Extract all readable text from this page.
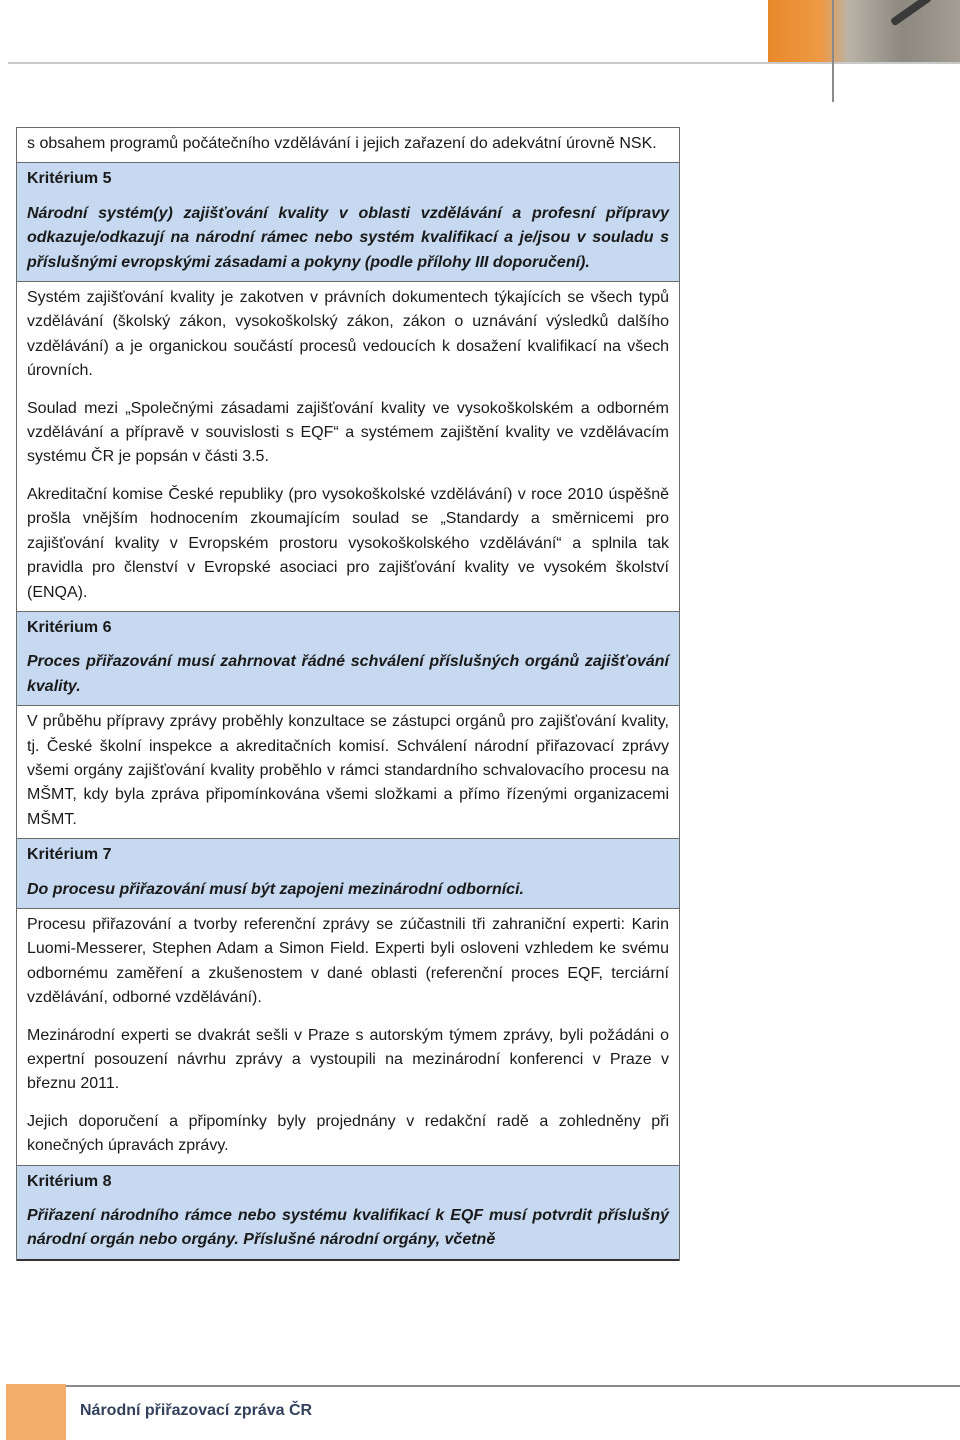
s obsahem programů počátečního vzdělávání i jejich zařazení do adekvátní úrovně NSK.

Kritérium 5

Národní systém(y) zajišťování kvality v oblasti vzdělávání a profesní přípravy odkazuje/odkazují na národní rámec nebo systém kvalifikací a je/jsou v souladu s příslušnými evropskými zásadami a pokyny (podle přílohy III doporučení).

Systém zajišťování kvality je zakotven v právních dokumentech týkajících se všech typů vzdělávání (školský zákon, vysokoškolský zákon, zákon o uznávání výsledků dalšího vzdělávání) a je organickou součástí procesů vedoucích k dosažení kvalifikací na všech úrovních.

Soulad mezi „Společnými zásadami zajišťování kvality ve vysokoškolském a odborném vzdělávání a přípravě v souvislosti s EQF“ a systémem zajištění kvality ve vzdělávacím systému ČR je popsán v části 3.5.

Akreditační komise České republiky (pro vysokoškolské vzdělávání) v roce 2010 úspěšně prošla vnějším hodnocením zkoumajícím soulad se „Standardy a směrnicemi pro zajišťování kvality v Evropském prostoru vysokoškolského vzdělávání“ a splnila tak pravidla pro členství v Evropské asociaci pro zajišťování kvality ve vysokém školství (ENQA).

Kritérium 6

Proces přiřazování musí zahrnovat řádné schválení příslušných orgánů zajišťování kvality.

V průběhu přípravy zprávy proběhly konzultace se zástupci orgánů pro zajišťování kvality, tj. České školní inspekce a akreditačních komisí. Schválení národní přiřazovací zprávy všemi orgány zajišťování kvality proběhlo v rámci standardního schvalovacího procesu na MŠMT, kdy byla zpráva připomínkována všemi složkami a přímo řízenými organizacemi MŠMT.

Kritérium 7

Do procesu přiřazování musí být zapojeni mezinárodní odborníci.

Procesu přiřazování a tvorby referenční zprávy se zúčastnili tři zahraniční experti: Karin Luomi-Messerer, Stephen Adam a Simon Field. Experti byli osloveni vzhledem ke svému odbornému zaměření a zkušenostem v dané oblasti (referenční proces EQF, terciární vzdělávání, odborné vzdělávání).

Mezinárodní experti se dvakrát sešli v Praze s autorským týmem zprávy, byli požádáni o expertní posouzení návrhu zprávy a vystoupili na mezinárodní konferenci v Praze v březnu 2011.

Jejich doporučení a připomínky byly projednány v redakční radě a zohledněny při konečných úpravách zprávy.

Kritérium 8

Přiřazení národního rámce nebo systému kvalifikací k EQF musí potvrdit příslušný národní orgán nebo orgány. Příslušné národní orgány, včetně

Národní přiřazovací zpráva ČR
